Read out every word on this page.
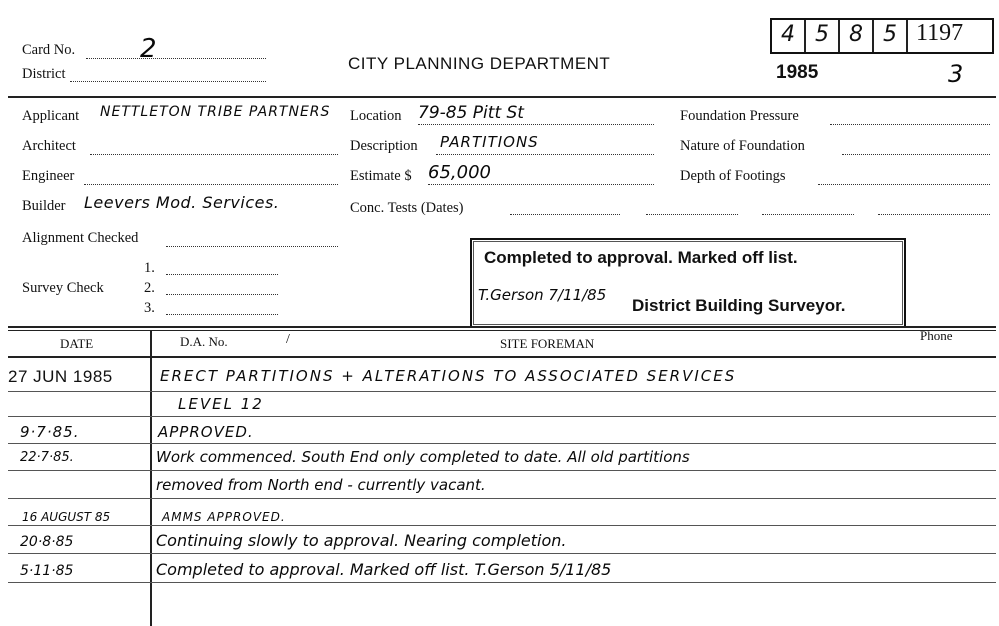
Card No. 2
District
CITY PLANNING DEPARTMENT
4 5 8 5 1197
1985	3
Applicant NETTLETON TRIBE PARTNERS Location 79-85 Pitt St	Foundation Pressure
Architect	Description PARTITIONS	Nature of Foundation
Engineer	Estimate $ 65,000	Depth of Footings
Builder Leevers Mod. Services.	Conc. Tests (Dates)
Alignment Checked
Survey Check
1.
2.
3.
Completed to approval. Marked off list.
T.Gerson 7/11/85
District Building Surveyor.
DATE	D.A. No.	/	SITE FOREMAN
Phone
27 JUN 1985	ERECT PARTITIONS + ALTERATIONS TO ASSOCIATED SERVICES
LEVEL 12
9·7·85.	APPROVED.
22·7·85.	Work commenced. South End only completed to date. All old partitions
removed from North end - currently vacant.
16 AUGUST 85	AMMS APPROVED.
20·8·85	Continuing slowly to approval. Nearing completion.
5·11·85	Completed to approval. Marked off list. T.Gerson 5/11/85
